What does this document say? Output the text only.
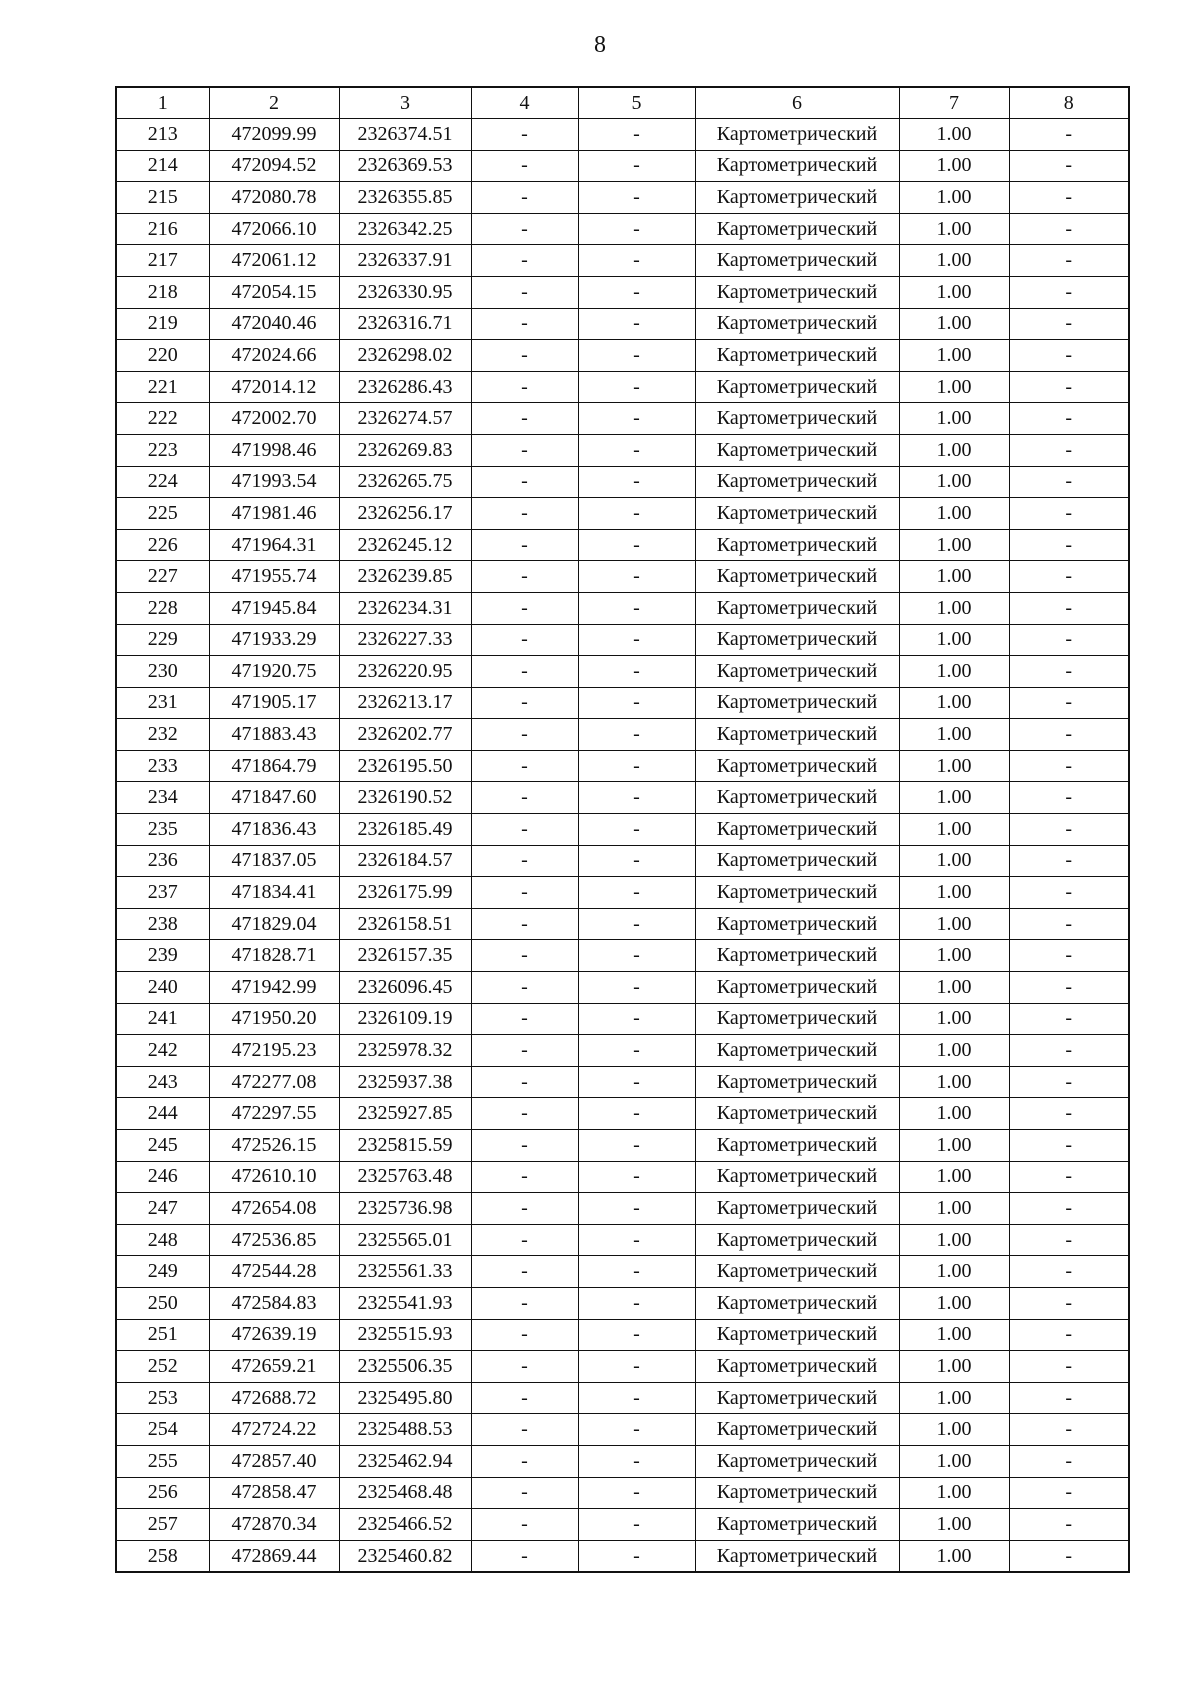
8
1	2	3	4	5	6	7	8
213	472099.99	2326374.51	-	-	Картометрический	1.00	-
214	472094.52	2326369.53	-	-	Картометрический	1.00	-
215	472080.78	2326355.85	-	-	Картометрический	1.00	-
216	472066.10	2326342.25	-	-	Картометрический	1.00	-
217	472061.12	2326337.91	-	-	Картометрический	1.00	-
218	472054.15	2326330.95	-	-	Картометрический	1.00	-
219	472040.46	2326316.71	-	-	Картометрический	1.00	-
220	472024.66	2326298.02	-	-	Картометрический	1.00	-
221	472014.12	2326286.43	-	-	Картометрический	1.00	-
222	472002.70	2326274.57	-	-	Картометрический	1.00	-
223	471998.46	2326269.83	-	-	Картометрический	1.00	-
224	471993.54	2326265.75	-	-	Картометрический	1.00	-
225	471981.46	2326256.17	-	-	Картометрический	1.00	-
226	471964.31	2326245.12	-	-	Картометрический	1.00	-
227	471955.74	2326239.85	-	-	Картометрический	1.00	-
228	471945.84	2326234.31	-	-	Картометрический	1.00	-
229	471933.29	2326227.33	-	-	Картометрический	1.00	-
230	471920.75	2326220.95	-	-	Картометрический	1.00	-
231	471905.17	2326213.17	-	-	Картометрический	1.00	-
232	471883.43	2326202.77	-	-	Картометрический	1.00	-
233	471864.79	2326195.50	-	-	Картометрический	1.00	-
234	471847.60	2326190.52	-	-	Картометрический	1.00	-
235	471836.43	2326185.49	-	-	Картометрический	1.00	-
236	471837.05	2326184.57	-	-	Картометрический	1.00	-
237	471834.41	2326175.99	-	-	Картометрический	1.00	-
238	471829.04	2326158.51	-	-	Картометрический	1.00	-
239	471828.71	2326157.35	-	-	Картометрический	1.00	-
240	471942.99	2326096.45	-	-	Картометрический	1.00	-
241	471950.20	2326109.19	-	-	Картометрический	1.00	-
242	472195.23	2325978.32	-	-	Картометрический	1.00	-
243	472277.08	2325937.38	-	-	Картометрический	1.00	-
244	472297.55	2325927.85	-	-	Картометрический	1.00	-
245	472526.15	2325815.59	-	-	Картометрический	1.00	-
246	472610.10	2325763.48	-	-	Картометрический	1.00	-
247	472654.08	2325736.98	-	-	Картометрический	1.00	-
248	472536.85	2325565.01	-	-	Картометрический	1.00	-
249	472544.28	2325561.33	-	-	Картометрический	1.00	-
250	472584.83	2325541.93	-	-	Картометрический	1.00	-
251	472639.19	2325515.93	-	-	Картометрический	1.00	-
252	472659.21	2325506.35	-	-	Картометрический	1.00	-
253	472688.72	2325495.80	-	-	Картометрический	1.00	-
254	472724.22	2325488.53	-	-	Картометрический	1.00	-
255	472857.40	2325462.94	-	-	Картометрический	1.00	-
256	472858.47	2325468.48	-	-	Картометрический	1.00	-
257	472870.34	2325466.52	-	-	Картометрический	1.00	-
258	472869.44	2325460.82	-	-	Картометрический	1.00	-
